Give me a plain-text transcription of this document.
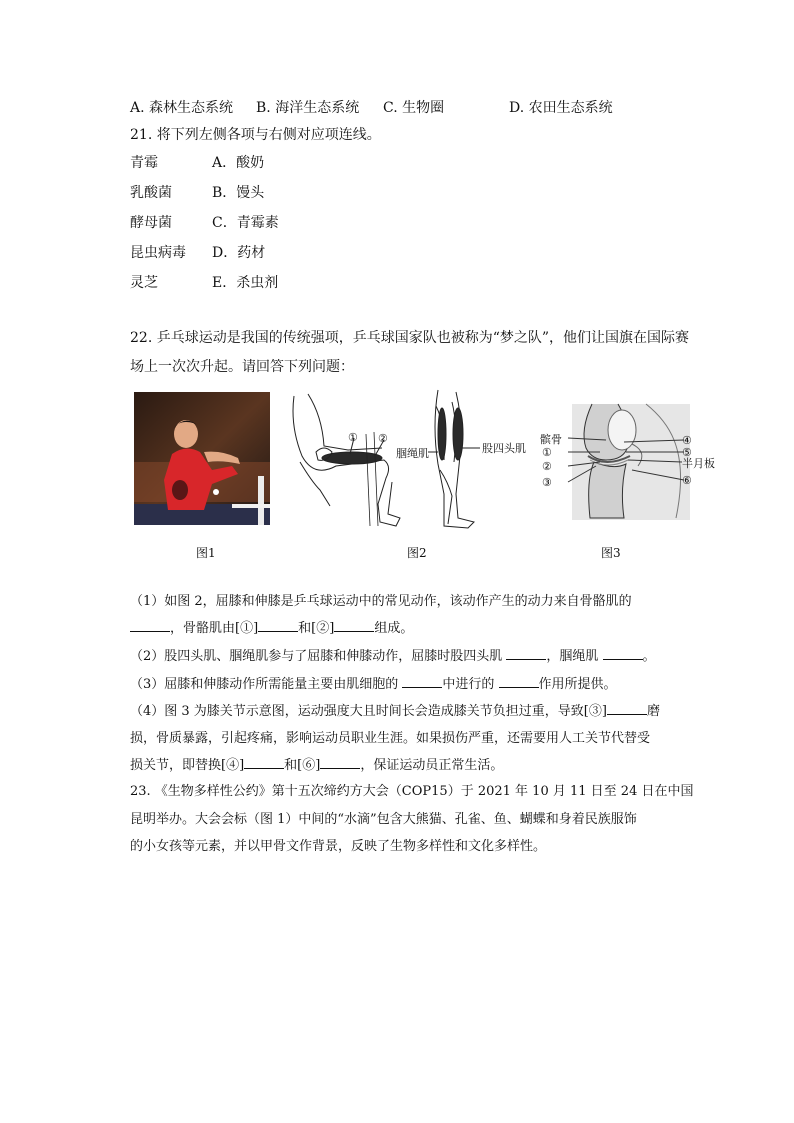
A. 森林生态系统 B. 海洋生态系统 C. 生物圈	D. 农田生态系统
21. 将下列左侧各项与右侧对应项连线。
青霉	A．酸奶
乳酸菌	B．馒头
酵母菌	C．青霉素
昆虫病毒 D．药材
灵芝	E．杀虫剂
22. 乒乓球运动是我国的传统强项，乒乓球国家队也被称为“梦之队”，他们让国旗在国际赛
场上一次次升起。请回答下列问题：
① ②
腘绳肌	股四头肌
髌骨
①
②
③
④
⑤
半月板
⑥
图1	图2	图3
（1）如图 2，屈膝和伸膝是乒乓球运动中的常见动作，该动作产生的动力来自骨骼肌的
，骨骼肌由[①]	和[②]	组成。
（2）股四头肌、腘绳肌参与了屈膝和伸膝动作，屈膝时股四头肌	，腘绳肌	。
（3）屈膝和伸膝动作所需能量主要由肌细胞的	中进行的	作用所提供。
（4）图 3 为膝关节示意图，运动强度大且时间长会造成膝关节负担过重，导致[③]	磨
损，骨质暴露，引起疼痛，影响运动员职业生涯。如果损伤严重，还需要用人工关节代替受
损关节，即替换[④]	和[⑥]	，保证运动员正常生活。
23. 《生物多样性公约》第十五次缔约方大会（COP15）于 2021 年 10 月 11 日至 24 日在中国
昆明举办。大会会标（图 1）中间的“水滴”包含大熊猫、孔雀、鱼、蝴蝶和身着民族服饰
的小女孩等元素，并以甲骨文作背景，反映了生物多样性和文化多样性。
